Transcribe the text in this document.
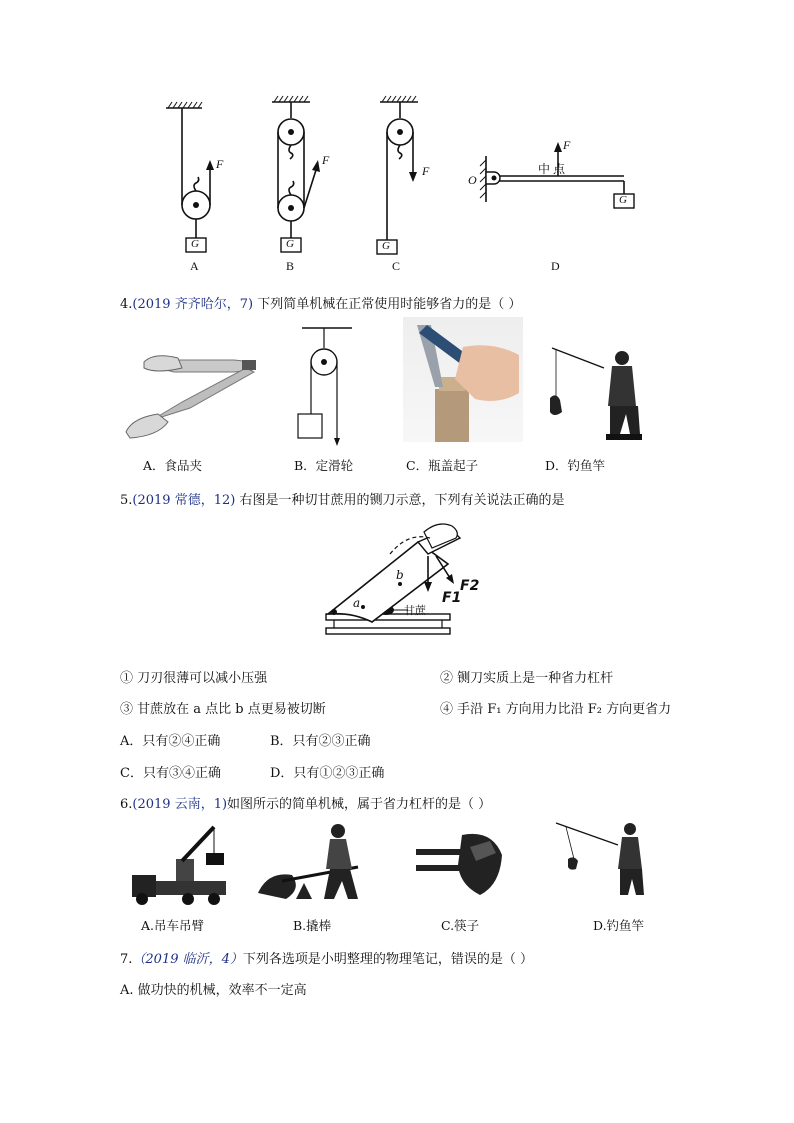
F	F
F
F
G	G	G
G
O
中 点
A	B	C	D
4.(2019 齐齐哈尔，7) 下列简单机械在正常使用时能够省力的是（ ）
A．食品夹	B．定滑轮	C．瓶盖起子	D．钓鱼竿
5.(2019 常德，12) 右图是一种切甘蔗用的铡刀示意，下列有关说法正确的是
a
b
F1
F2
甘蔗
① 刀刃很薄可以减小压强	② 铡刀实质上是一种省力杠杆
③ 甘蔗放在 a 点比 b 点更易被切断	④ 手沿 F₁ 方向用力比沿 F₂ 方向更省力
A．只有②④正确	B．只有②③正确
C．只有③④正确	D．只有①②③正确
6.(2019 云南，1)如图所示的简单机械，属于省力杠杆的是（ ）
A.吊车吊臂	B.撬棒	C.筷子	D.钓鱼竿
7.（2019 临沂，4）下列各选项是小明整理的物理笔记，错误的是（ ）
A. 做功快的机械，效率不一定高
